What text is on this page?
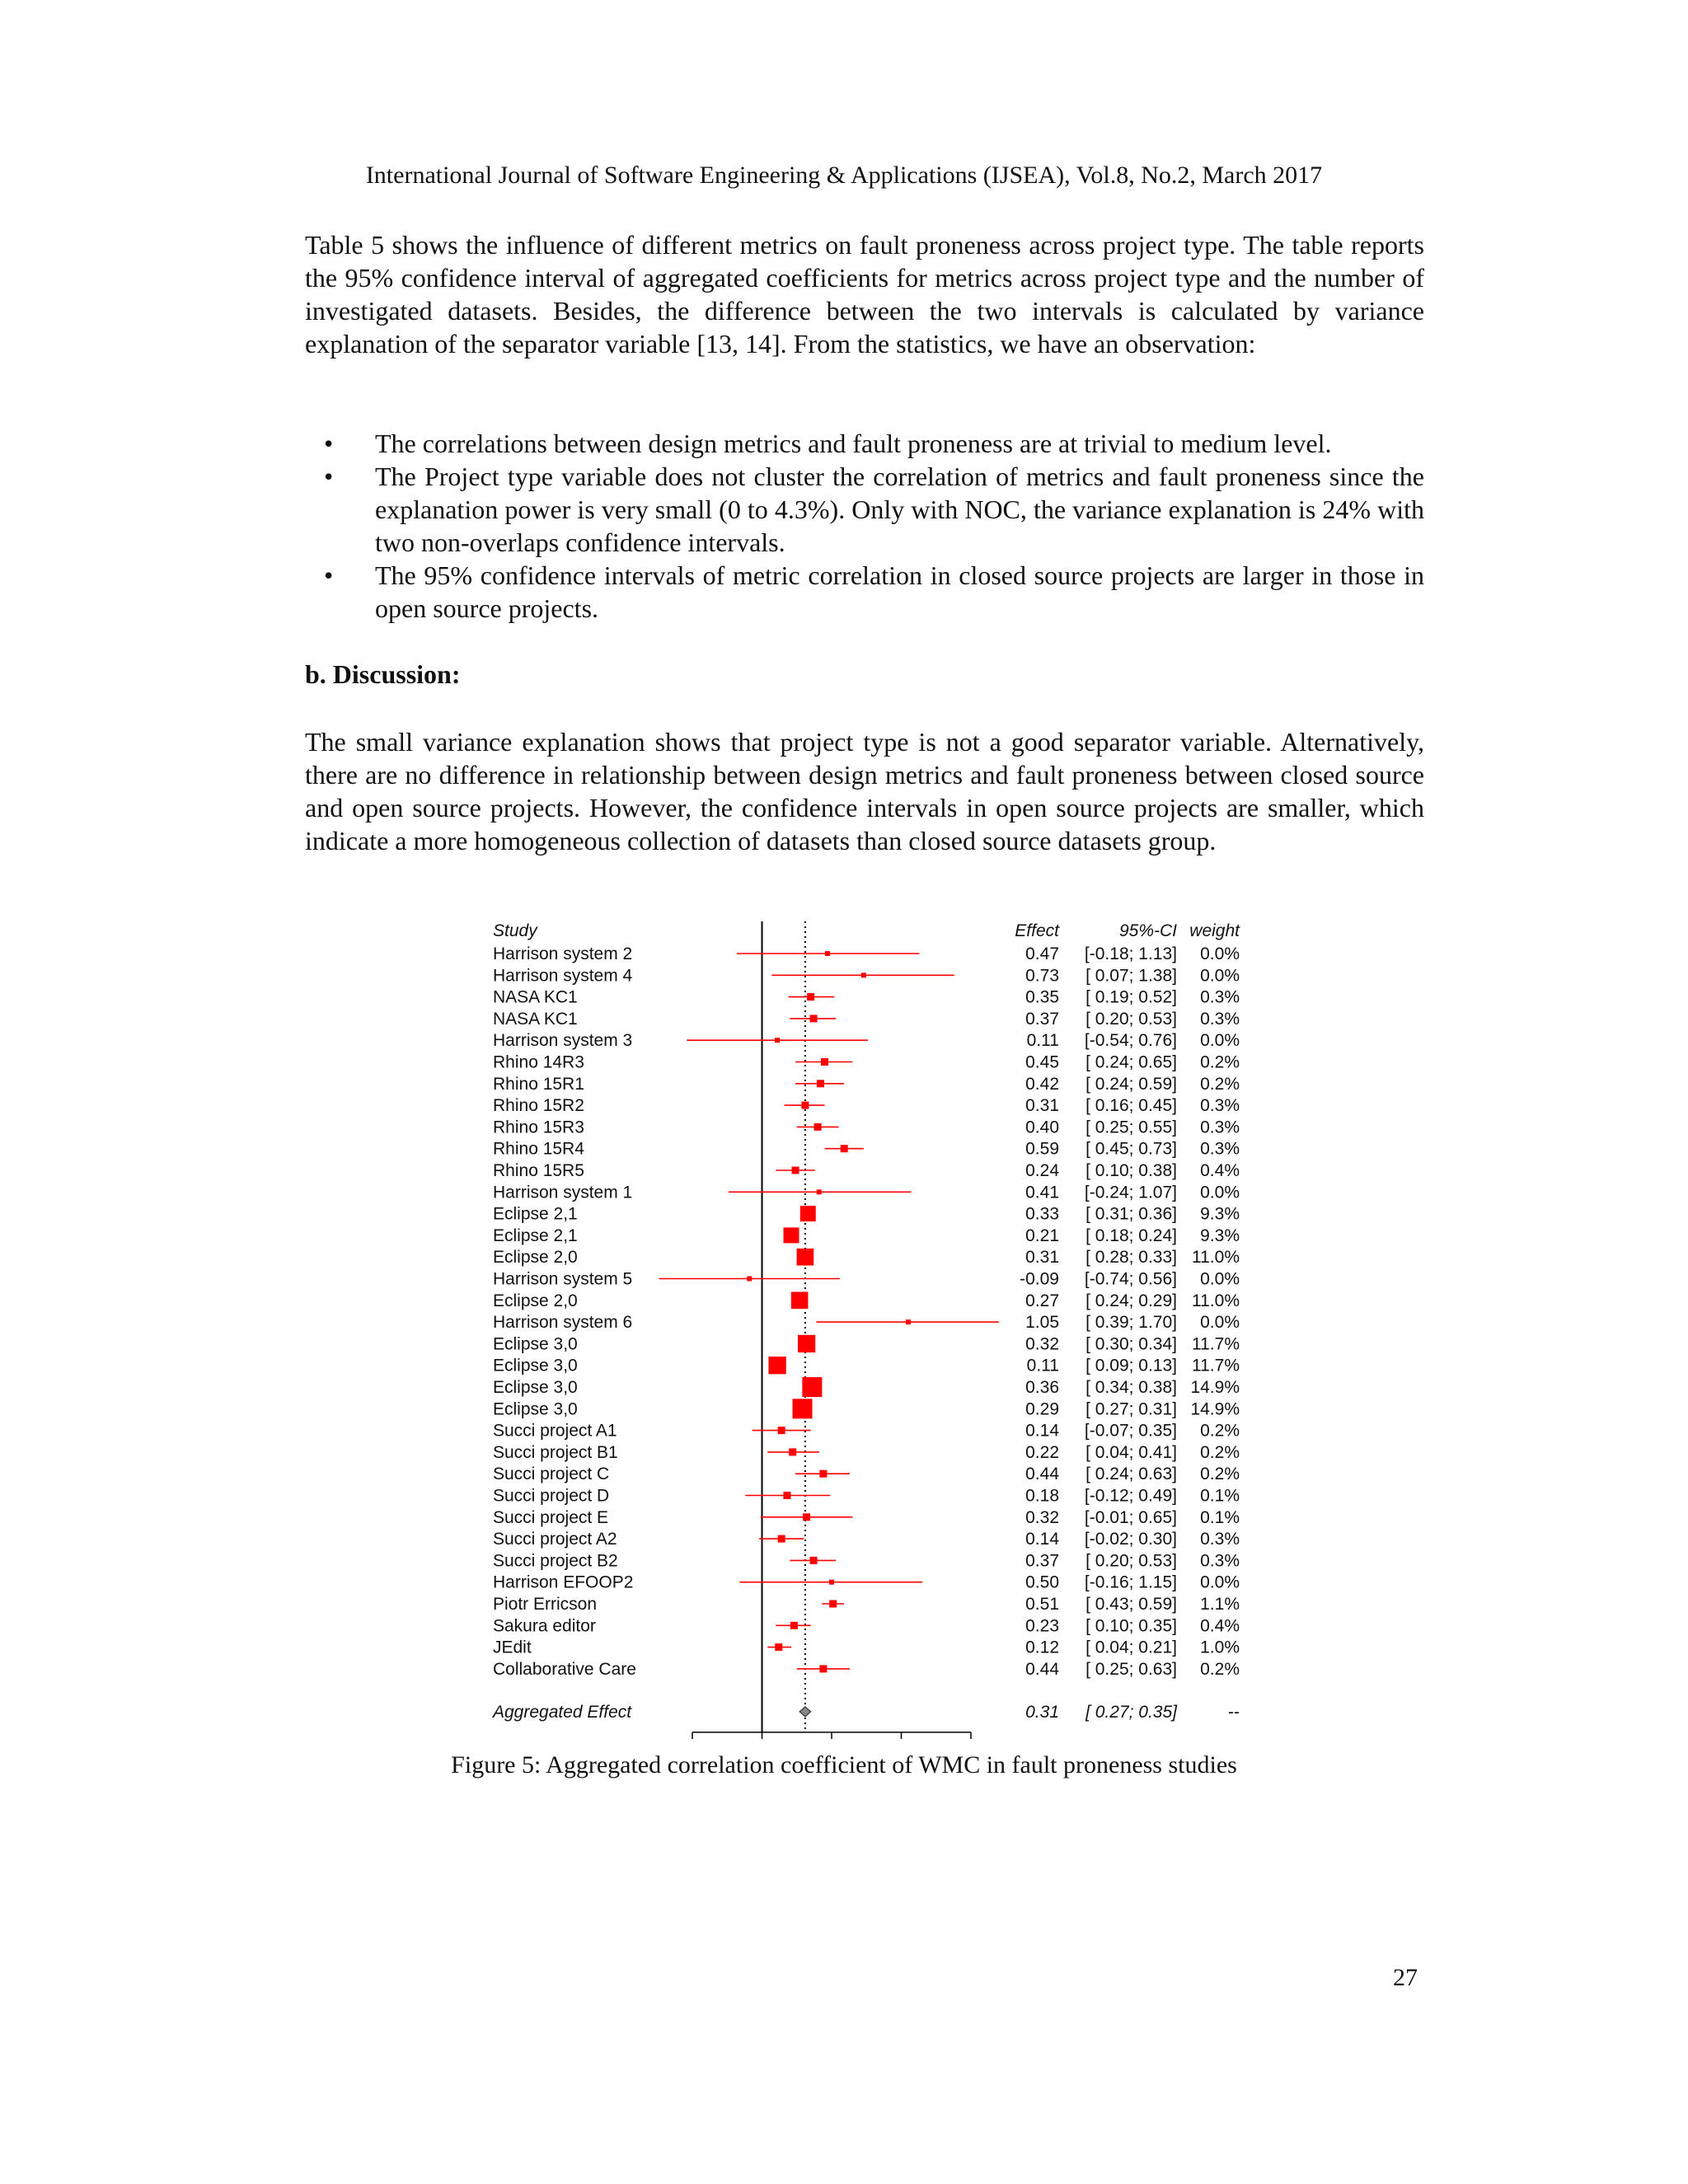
International Journal of Software Engineering & Applications (IJSEA), Vol.8, No.2, March 2017

Table 5 shows the influence of different metrics on fault proneness across project type. The table reports the 95% confidence interval of aggregated coefficients for metrics across project type and the number of investigated datasets. Besides, the difference between the two intervals is calculated by variance explanation of the separator variable [13, 14]. From the statistics, we have an observation:

• The correlations between design metrics and fault proneness are at trivial to medium level.
• The Project type variable does not cluster the correlation of metrics and fault proneness since the explanation power is very small (0 to 4.3%). Only with NOC, the variance explanation is 24% with two non-overlaps confidence intervals.
• The 95% confidence intervals of metric correlation in closed source projects are larger in those in open source projects.

b. Discussion:

The small variance explanation shows that project type is not a good separator variable. Alternatively, there are no difference in relationship between design metrics and fault proneness between closed source and open source projects. However, the confidence intervals in open source projects are smaller, which indicate a more homogeneous collection of datasets than closed source datasets group.

Study	Effect	95%-CI weight
Harrison system 2	0.47 [-0.18; 1.13] 0.0%
Harrison system 4	0.73 [ 0.07; 1.38] 0.0%
NASA KC1	0.35 [ 0.19; 0.52] 0.3%
NASA KC1	0.37 [ 0.20; 0.53] 0.3%
Harrison system 3	0.11 [-0.54; 0.76] 0.0%
Rhino 14R3	0.45 [ 0.24; 0.65] 0.2%
Rhino 15R1	0.42 [ 0.24; 0.59] 0.2%
Rhino 15R2	0.31 [ 0.16; 0.45] 0.3%
Rhino 15R3	0.40 [ 0.25; 0.55] 0.3%
Rhino 15R4	0.59 [ 0.45; 0.73] 0.3%
Rhino 15R5	0.24 [ 0.10; 0.38] 0.4%
Harrison system 1	0.41 [-0.24; 1.07] 0.0%
Eclipse 2,1	0.33 [ 0.31; 0.36] 9.3%
Eclipse 2,1	0.21 [ 0.18; 0.24] 9.3%
Eclipse 2,0	0.31 [ 0.28; 0.33] 11.0%
Harrison system 5	-0.09 [-0.74; 0.56] 0.0%
Eclipse 2,0	0.27 [ 0.24; 0.29] 11.0%
Harrison system 6	1.05 [ 0.39; 1.70] 0.0%
Eclipse 3,0	0.32 [ 0.30; 0.34] 11.7%
Eclipse 3,0	0.11 [ 0.09; 0.13] 11.7%
Eclipse 3,0	0.36 [ 0.34; 0.38] 14.9%
Eclipse 3,0	0.29 [ 0.27; 0.31] 14.9%
Succi project A1	0.14 [-0.07; 0.35] 0.2%
Succi project B1	0.22 [ 0.04; 0.41] 0.2%
Succi project C	0.44 [ 0.24; 0.63] 0.2%
Succi project D	0.18 [-0.12; 0.49] 0.1%
Succi project E	0.32 [-0.01; 0.65] 0.1%
Succi project A2	0.14 [-0.02; 0.30] 0.3%
Succi project B2	0.37 [ 0.20; 0.53] 0.3%
Harrison EFOOP2	0.50 [-0.16; 1.15] 0.0%
Piotr Erricson	0.51 [ 0.43; 0.59] 1.1%
Sakura editor	0.23 [ 0.10; 0.35] 0.4%
JEdit	0.12 [ 0.04; 0.21] 1.0%
Collaborative Care	0.44 [ 0.25; 0.63] 0.2%
Aggregated Effect	0.31 [ 0.27; 0.35]	--
Figure 5: Aggregated correlation coefficient of WMC in fault proneness studies
27
